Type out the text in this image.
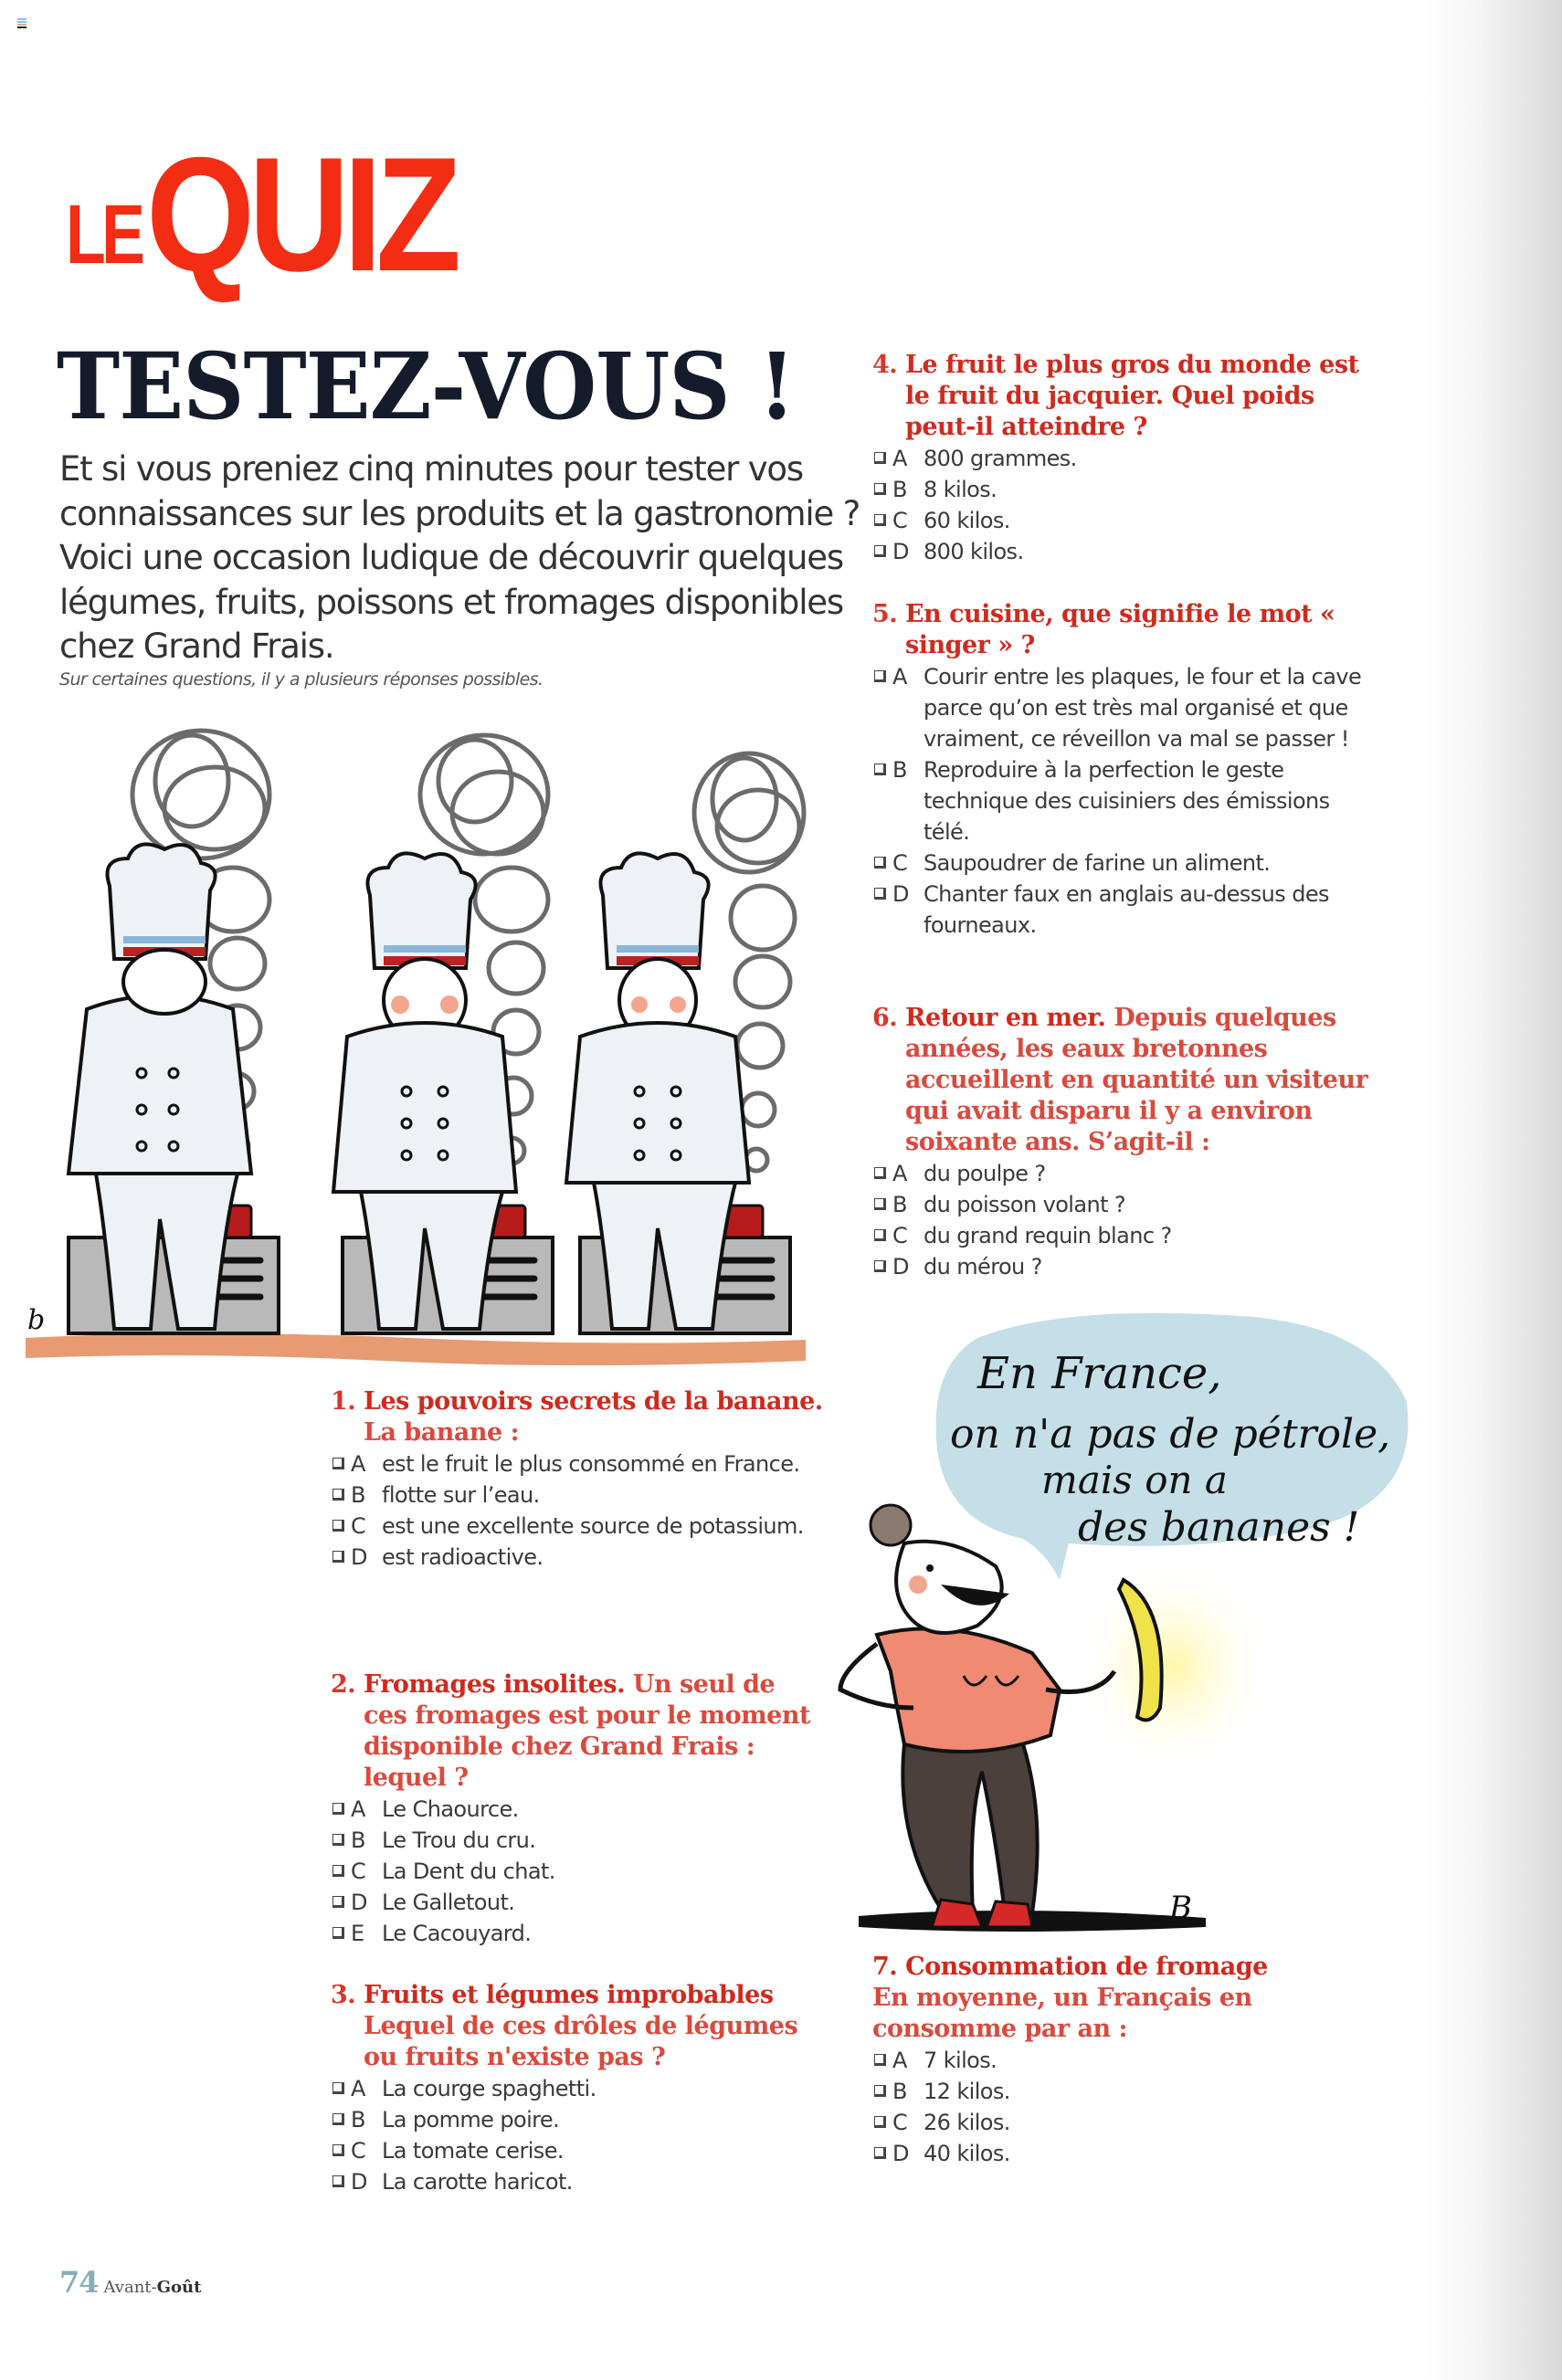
LEQUIZ
TESTEZ-VOUS !
Et si vous preniez cinq minutes pour tester vos connaissances sur les produits et la gastronomie ? Voici une occasion ludique de découvrir quelques légumes, fruits, poissons et fromages disponibles chez Grand Frais.
Sur certaines questions, il y a plusieurs réponses possibles.
b
1. Les pouvoirs secrets de la banane.
La banane :
A est le fruit le plus consommé en France.
B flotte sur l’eau.
C est une excellente source de potassium.
D est radioactive.
2. Fromages insolites. Un seul de ces fromages est pour le moment disponible chez Grand Frais : lequel ?
A Le Chaource.
B Le Trou du cru.
C La Dent du chat.
D Le Galletout.
E Le Cacouyard.
3. Fruits et légumes improbables
Lequel de ces drôles de légumes ou fruits n'existe pas ?
A La courge spaghetti.
B La pomme poire.
C La tomate cerise.
D La carotte haricot.
4. Le fruit le plus gros du monde est le fruit du jacquier. Quel poids peut-il atteindre ?
A 800 grammes.
B 8 kilos.
C 60 kilos.
D 800 kilos.
5. En cuisine, que signifie le mot « singer » ?
A Courir entre les plaques, le four et la cave parce qu’on est très mal organisé et que vraiment, ce réveillon va mal se passer !
B Reproduire à la perfection le geste technique des cuisiniers des émissions télé.
C Saupoudrer de farine un aliment.
D Chanter faux en anglais au-dessus des fourneaux.
6. Retour en mer. Depuis quelques années, les eaux bretonnes accueillent en quantité un visiteur qui avait disparu il y a environ soixante ans. S’agit-il :
A du poulpe ?
B du poisson volant ?
C du grand requin blanc ?
D du mérou ?
En France,
on n'a pas de pétrole,
mais on a
des bananes !
B
7. Consommation de fromage
En moyenne, un Français en consomme par an :
A 7 kilos.
B 12 kilos.
C 26 kilos.
D 40 kilos.
74 Avant-Goût
